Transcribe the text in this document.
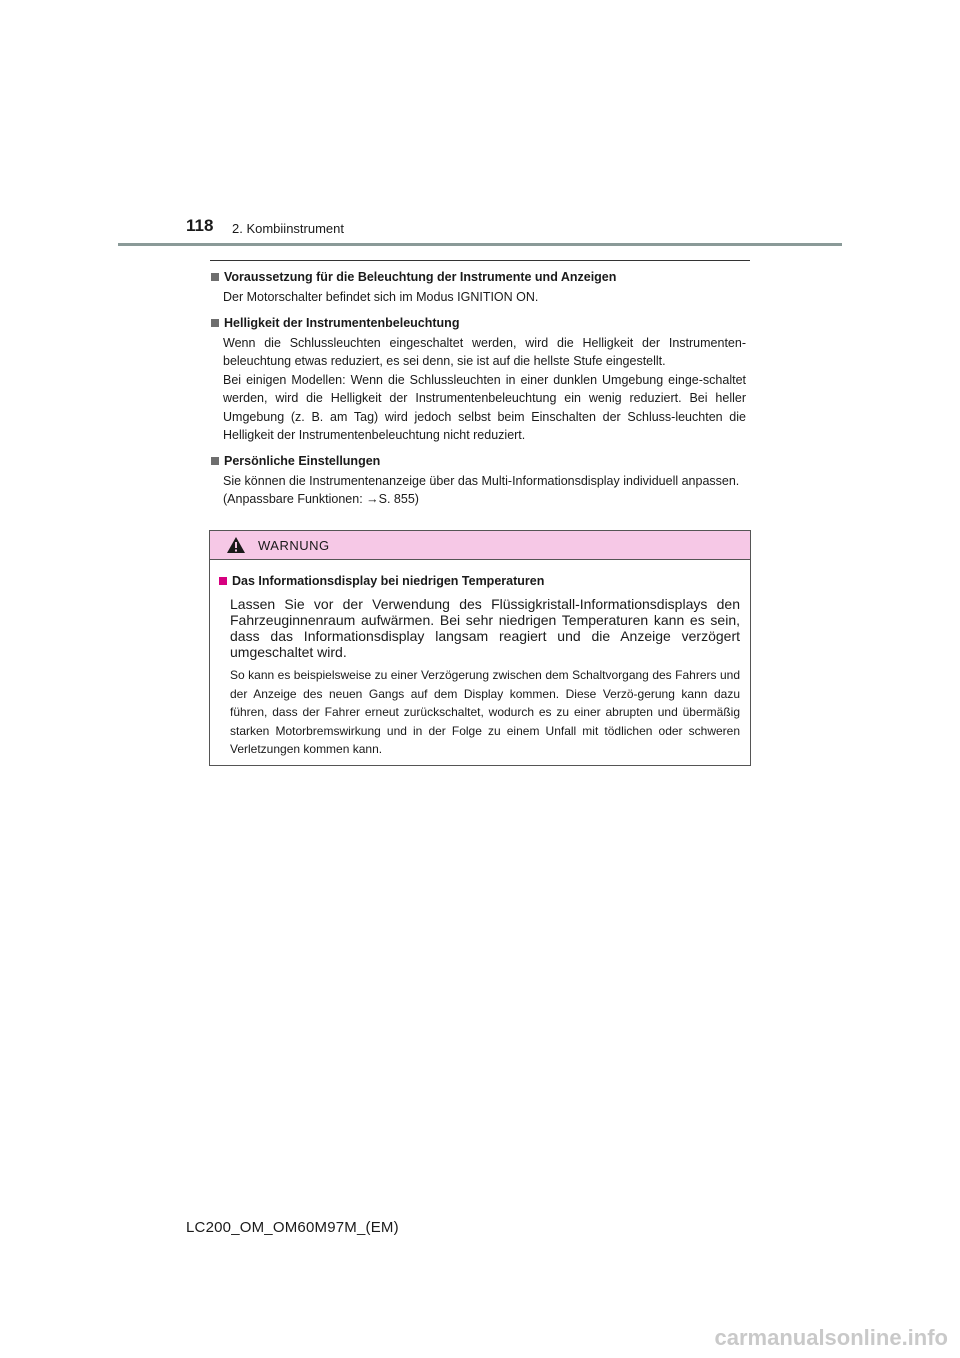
118 2. Kombiinstrument
Voraussetzung für die Beleuchtung der Instrumente und Anzeigen

Der Motorschalter befindet sich im Modus IGNITION ON.

Helligkeit der Instrumentenbeleuchtung

Wenn die Schlussleuchten eingeschaltet werden, wird die Helligkeit der Instrumenten-beleuchtung etwas reduziert, es sei denn, sie ist auf die hellste Stufe eingestellt.

Bei einigen Modellen: Wenn die Schlussleuchten in einer dunklen Umgebung einge-schaltet werden, wird die Helligkeit der Instrumentenbeleuchtung ein wenig reduziert. Bei heller Umgebung (z. B. am Tag) wird jedoch selbst beim Einschalten der Schluss-leuchten die Helligkeit der Instrumentenbeleuchtung nicht reduziert.

Persönliche Einstellungen

Sie können die Instrumentenanzeige über das Multi-Informationsdisplay individuell anpassen.

(Anpassbare Funktionen: →S. 855)

WARNUNG
Das Informationsdisplay bei niedrigen Temperaturen

Lassen Sie vor der Verwendung des Flüssigkristall-Informationsdisplays den Fahrzeuginnenraum aufwärmen. Bei sehr niedrigen Temperaturen kann es sein, dass das Informationsdisplay langsam reagiert und die Anzeige verzögert umgeschaltet wird.

So kann es beispielsweise zu einer Verzögerung zwischen dem Schaltvorgang des Fahrers und der Anzeige des neuen Gangs auf dem Display kommen. Diese Verzö-gerung kann dazu führen, dass der Fahrer erneut zurückschaltet, wodurch es zu einer abrupten und übermäßig starken Motorbremswirkung und in der Folge zu einem Unfall mit tödlichen oder schweren Verletzungen kommen kann.

LC200_OM_OM60M97M_(EM)
carmanualsonline.info
